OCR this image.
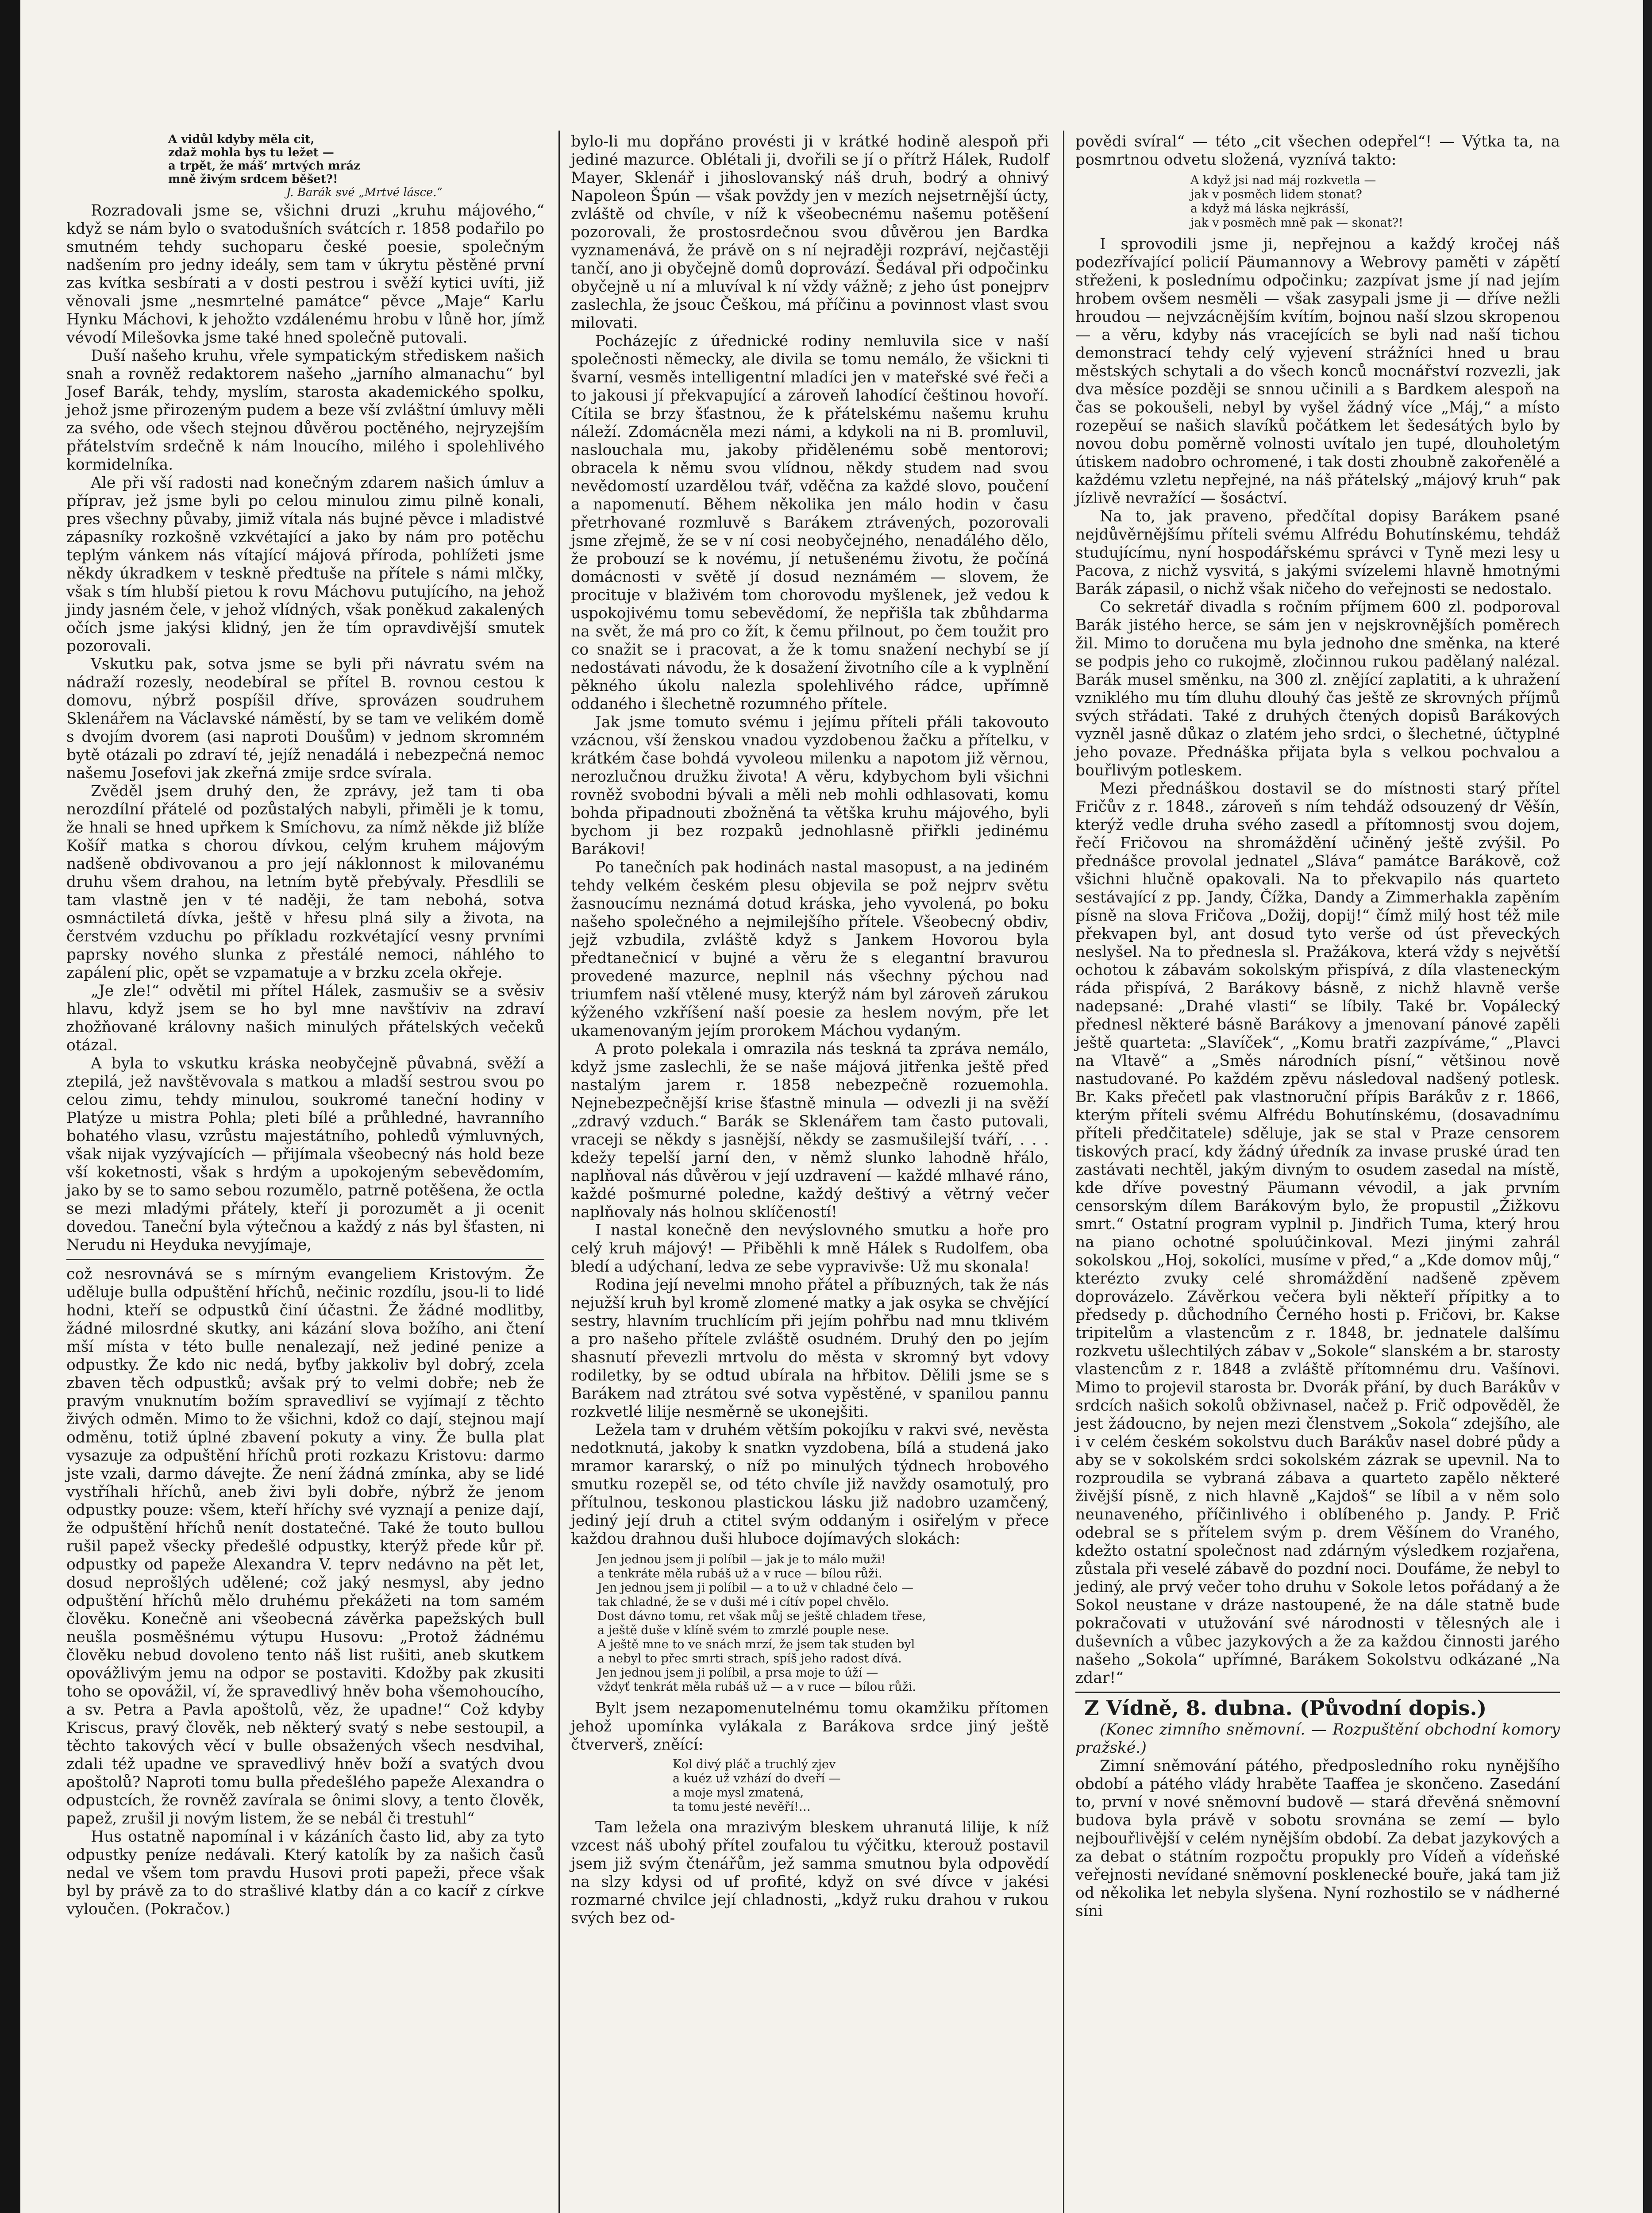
A vidůl kdyby měla cit,
zdaž mohla bys tu ležet —
a trpět, že máš’ mrtvých mráz
mně živým srdcem běšet?!
J. Barák své „Mrtvé lásce.“

Rozradovali jsme se, všichni druzi „kruhu májového,“ když se nám bylo o svatodušních svátcích r. 1858 podařilo po smutném tehdy suchoparu české poesie, společným nadšením pro jedny ideály, sem tam v úkrytu pěstěné první zas kvítka sesbírati a v dosti pestrou i svěží kytici uvíti, již věnovali jsme „nesmrtelné památce“ pěvce „Maje“ Karlu Hynku Máchovi, k jehožto vzdálenému hrobu v lůně hor, jímž vévodí Milešovka jsme také hned společně putovali.

Duší našeho kruhu, vřele sympatickým střediskem našich snah a rovněž redaktorem našeho „jarního almanachu“ byl Josef Barák, tehdy, myslím, starosta akademického spolku, jehož jsme přirozeným pudem a beze vší zvláštní úmluvy měli za svého, ode všech stejnou důvěrou poctěného, nejryzejším přátelstvím srdečně k nám lnoucího, milého i spolehlivého kormidelníka.

Ale při vší radosti nad konečným zdarem našich úmluv a příprav, jež jsme byli po celou minulou zimu pilně konali, pres všechny půvaby, jimiž vítala nás bujné pěvce i mladistvé zápasníky rozkošně vzkvétající a jako by nám pro potěchu teplým vánkem nás vítající májová příroda, pohlížeti jsme někdy úkradkem v teskně předtuše na přítele s námi mlčky, však s tím hlubší pietou k rovu Máchovu putujícího, na jehož jindy jasném čele, v jehož vlídných, však poněkud zakalených očích jsme jakýsi klidný, jen že tím opravdivější smutek pozorovali.

Vskutku pak, sotva jsme se byli při návratu svém na nádraží rozesly, neodebíral se přítel B. rovnou cestou k domovu, nýbrž pospíšil dříve, sprovázen soudruhem Sklenářem na Václavské náměstí, by se tam ve velikém domě s dvojím dvorem (asi naproti Doušům) v jednom skromném bytě otázali po zdraví té, jejíž nenadálá i nebezpečná nemoc našemu Josefovi jak zkeřná zmije srdce svírala.

Zvěděl jsem druhý den, že zprávy, jež tam ti oba nerozdílní přátelé od pozůstalých nabyli, přiměli je k tomu, že hnali se hned upřkem k Smíchovu, za nímž někde již blíže Košíř matka s chorou dívkou, celým kruhem májovým nadšeně obdivovanou a pro její náklonnost k milovanému druhu všem drahou, na letním bytě přebývaly. Přesdlili se tam vlastně jen v té naději, že tam nebohá, sotva osmnáctiletá dívka, ještě v hřesu plná sily a života, na čerstvém vzduchu po příkladu rozkvétající vesny prvními paprsky nového slunka z přestálé nemoci, náhlého to zapálení plic, opět se vzpamatuje a v brzku zcela okřeje.

„Je zle!“ odvětil mi přítel Hálek, zasmušiv se a svěsiv hlavu, když jsem se ho byl mne navštíviv na zdraví zhožňované královny našich minulých přátelských večeků otázal.

A byla to vskutku kráska neobyčejně půvabná, svěží a ztepilá, jež navštěvovala s matkou a mladší sestrou svou po celou zimu, tehdy minulou, soukromé taneční hodiny v Platýze u mistra Pohla; pleti bílé a průhledné, havranního bohatého vlasu, vzrůstu majestátního, pohledů výmluvných, však nijak vyzývajících — přijímala všeobecný nás hold beze vší koketnosti, však s hrdým a upokojeným sebevědomím, jako by se to samo sebou rozumělo, patrně potěšena, že octla se mezi mladými přátely, kteří ji porozumět a ji ocenit dovedou. Taneční byla výtečnou a každý z nás byl šťasten, ni Nerudu ni Heyduka nevyjímaje,

což nesrovnává se s mírným evangeliem Kristovým. Že uděluje bulla odpuštění hříchů, nečinic rozdílu, jsou-li to lidé hodni, kteří se odpustků činí účastni. Že žádné modlitby, žádné milosrdné skutky, ani kázání slova božího, ani čtení mší místa v této bulle nenalezají, než jediné penize a odpustky. Že kdo nic nedá, byťby jakkoliv byl dobrý, zcela zbaven těch odpustků; avšak prý to velmi dobře; neb že pravým vnuknutím božím spravedliví se vyjímají z těchto živých odměn. Mimo to že všichni, kdož co dají, stejnou mají odměnu, totiž úplné zbavení pokuty a viny. Že bulla plat vysazuje za odpuštění hříchů proti rozkazu Kristovu: darmo jste vzali, darmo dávejte. Že není žádná zmínka, aby se lidé vystříhali hříchů, aneb živi byli dobře, nýbrž že jenom odpustky pouze: všem, kteří hříchy své vyznají a penize dají, že odpuštění hříchů nenít dostatečné. Také že touto bullou rušil papež všecky předešlé odpustky, kterýž přede kůr př. odpustky od papeže Alexandra V. teprv nedávno na pět let, dosud neprošlých udělené; což jaký nesmysl, aby jedno odpuštění hříchů mělo druhému překážeti na tom samém člověku. Konečně ani všeobecná závěrka papežských bull neušla posměšnému výtupu Husovu: „Protož žádnému člověku nebud dovoleno tento náš list rušiti, aneb skutkem opovážlivým jemu na odpor se postaviti. Kdožby pak zkusiti toho se opovážil, ví, že spravedlivý hněv boha všemohoucího, a sv. Petra a Pavla apoštolů, věz, že upadne!“ Což kdyby Kriscus, pravý člověk, neb některý svatý s nebe sestoupil, a těchto takových věcí v bulle obsažených všech nesdvihal, zdali též upadne ve spravedlivý hněv boží a svatých dvou apoštolů? Naproti tomu bulla předešlého papeže Alexandra o odpustcích, že rovněž zavírala se ônimi slovy, a tento člověk, papež, zrušil ji novým listem, že se nebál či trestuhl“

Hus ostatně napomínal i v kázáních často lid, aby za tyto odpustky peníze nedávali. Který katolík by za našich časů nedal ve všem tom pravdu Husovi proti papeži, přece však byl by právě za to do strašlivé klatby dán a co kacíř z církve vyloučen. (Pokračov.)

bylo-li mu dopřáno provésti ji v krátké hodině alespoň při jediné mazurce. Oblétali ji, dvořili se jí o přítrž Hálek, Rudolf Mayer, Sklenář i jihoslovanský náš druh, bodrý a ohnivý Napoleon Špún — však povždy jen v mezích nejsetrnější úcty, zvláště od chvíle, v níž k všeobecnému našemu potěšení pozorovali, že prostosrdečnou svou důvěrou jen Bardka vyznamenává, že právě on s ní nejraději rozpráví, nejčastěji tančí, ano ji obyčejně domů doprovází. Šedával při odpočinku obyčejně u ní a mluvíval k ní vždy vážně; z jeho úst ponejprv zaslechla, že jsouc Češkou, má příčinu a povinnost vlast svou milovati.

Pocházejíc z úřednické rodiny nemluvila sice v naší společnosti německy, ale divila se tomu nemálo, že všickni ti švarní, vesměs intelligentní mladíci jen v mateřské své řeči a to jakousi jí překvapující a zároveň lahodící češtinou hovoří. Cítila se brzy šťastnou, že k přátelskému našemu kruhu náleží. Zdomácněla mezi námi, a kdykoli na ni B. promluvil, naslouchala mu, jakoby přidělenému sobě mentorovi; obracela k němu svou vlídnou, někdy studem nad svou nevědomostí uzardělou tvář, vděčna za každé slovo, poučení a napomenutí. Během několika jen málo hodin v času přetrhované rozmluvě s Barákem ztrávených, pozorovali jsme zřejmě, že se v ní cosi neobyčejného, nenadálého dělo, že probouzí se k novému, jí netušenému životu, že počíná domácnosti v světě jí dosud neznámém — slovem, že procitujе v blaživém tom chorovodu myšlenek, jež vedou k uspokojivému tomu sebevědomí, že nepřišla tak zbůhdarma na svět, že má pro co žít, k čemu přilnout, po čem toužit pro co snažit se i pracovat, a že k tomu snažení nechybí se jí nedostávati návodu, že k dosažení životního cíle a k vyplnění pěkného úkolu nalezla spolehlivého rádce, upřímně oddaného i šlechetně rozumného přítele.

Jak jsme tomuto svému i jejímu příteli přáli takovouto vzácnou, vší ženskou vnadou vyzdobenou žačku a přítelku, v krátkém čase bohdá vyvoleou milenku a napotom již věrnou, nerozlučnou družku života! A věru, kdybychom byli všichni rovněž svobodni bývali a měli neb mohli odhlasovati, komu bohda připadnouti zbožněná ta větška kruhu májového, byli bychom ji bez rozpaků jednohlasně přiřkli jedinému Barákovi!

Po tanečních pak hodinách nastal masopust, a na jediném tehdy velkém českém plesu objevila se pož nejprv světu žasnoucímu neznámá dotud kráska, jeho vyvolená, po boku našeho společného a nejmilejšího přítele. Všeobecný obdiv, jejž vzbudila, zvláště když s Jankem Hovorou byla předtanečnicí v bujné a věru že s elegantní bravurou provedené mazurce, neplnil nás všechny pýchou nad triumfem naší vtělené musy, kterýž nám byl zároveň zárukou kýženého vzkříšení naší poesie za heslem novým, pře let ukamenovaným jejím prorokem Máchou vydaným.

A proto polekala i omrazila nás teskná ta zpráva nemálo, když jsme zaslechli, že se naše májová jitřenka ještě před nastalým jarem r. 1858 nebezpečně rozuemohla. Nejnebezpečnější krise šťastně minula — odvezli ji na svěží „zdravý vzduch.“ Barák se Sklenářem tam často putovali, vraceji se někdy s jasnější, někdy se zasmušilejší tváří, . . . kdežy tepelší jarní den, v němž slunko lahodně hřálo, naplňoval nás důvěrou v její uzdravení — každé mlhavé ráno, každé pošmurné poledne, každý deštivý a větrný večer naplňovaly nás holnou sklíčeností!

I nastal konečně den nevýslovného smutku a hoře pro celý kruh májový! — Přiběhli k mně Hálek s Rudolfem, oba bledí a udýchaní, ledva ze sebe vypravivše: Už mu skonala!

Rodina její nevelmi mnoho přátel a příbuzných, tak že nás nejužší kruh byl kromě zlomené matky a jak osyka se chvějící sestry, hlavním truchlícím při jejím pohřbu nad mnu tklivém a pro našeho přítele zvláště osudném. Druhý den po jejím shasnutí převezli mrtvolu do města v skromný byt vdovy rodiletky, by se odtud ubírala na hřbitov. Dělili jsme se s Barákem nad ztrátou své sotva vypěstěné, v spanilou pannu rozkvetlé lilije nesměrně se ukonejšiti.

Ležela tam v druhém větším pokojíku v rakvi své, nevěsta nedotknutá, jakoby k snatkn vyzdobena, bílá a studená jako mramor kararský, o níž po minulých týdnech hrobového smutku rozepěl se, od této chvíle již navždy osamotulý, pro přítulnou, teskonou plastickou lásku již nadobro uzamčený, jediný její druh a ctitel svým oddaným i osiřelým v přece každou drahnou duši hluboce dojímavých slokách:

Jen jednou jsem ji políbil — jak je to málo muži!
a tenkráte měla rubáš už a v ruce — bílou růži.
Jen jednou jsem ji políbil — a to už v chladné čelo —
tak chladné, že se v duši mé i cítív popel chvělo.
Dost dávno tomu, ret však můj se ještě chladem třese,
a ještě duše v klíně svém to zmrzlé pouple nese.
A ještě mne to ve snách mrzí, že jsem tak studen byl
a nebyl to přec smrti strach, spíš jeho radost dívá.
Jen jednou jsem ji políbil, a prsa moje to úží —
vždyť tenkrát měla rubáš už — a v ruce — bílou růži.

Bylt jsem nezapomenutelnému tomu okamžiku přítomen jehož upomínka vylákala z Barákova srdce jiný ještě čtververš, zněící:

Kol divý pláč a truchlý zjev
a kuéz už vzhází do dveří —
a moje mysl zmatená,
ta tomu jesté nevěří!…

Tam ležela ona mrazivým bleskem uhranutá lilije, k níž vzcest náš ubohý přítel zoufalou tu výčitku, kterouž postavil jsem již svým čtenářům, jež samma smutnou byla odpovědí na slzy kdysi od uf profité, když on své dívce v jakési rozmarné chvilce její chladnosti, „když ruku drahou v rukou svých bez od-

povědi svíral“ — této „cit všechen odepřel“! — Výtka ta, na posmrtnou odvetu složená, vyznívá takto:

A když jsi nad máj rozkvetla —
jak v posměch lidem stonat?
a když má láska nejkrásší,
jak v posměch mně pak — skonat?!

I sprovodili jsme ji, nepřejnou a každý kročej náš podezřívající policií Päumannovy a Webrovy paměti v zápětí střeženi, k poslednímu odpočinku; zazpívat jsme jí nad jejím hrobem ovšem nesměli — však zasypali jsme ji — dříve nežli hroudou — nejvzácnějším kvítím, bojnou naší slzou skropenou — a věru, kdyby nás vracejících se byli nad naší tichou demonstrací tehdy celý vyjevení strážníci hned u brau městských schytali a do všech konců mocnářství rozvezli, jak dva měsíce později se snnou učinili a s Bardkem alespoň na čas se pokoušeli, nebyl by vyšel žádný více „Máj,“ a místo rozepěuí se našich slavíků počátkem let šedesátých bylo by novou dobu poměrně volnosti uvítalo jen tupé, dlouholetým útiskem nadobro ochromené, i tak dosti zhoubně zakořenělé a každému vzletu nepřejné, na náš přátelský „májový kruh“ pak jízlivě nevražící — šosáctví.

Na to, jak praveno, předčítal dopisy Barákem psané nejdůvěrnějšímu příteli svému Alfrédu Bohutínskému, tehdáž studujícímu, nyní hospodářskému správci v Tyně mezi lesy u Pacova, z nichž vysvitá, s jakými svízelemi hlavně hmotnými Barák zápasil, o nichž však ničeho do veřejnosti se nedostalo.

Co sekretář divadla s ročním příjmem 600 zl. podporoval Barák jistého herce, se sám jen v nejskrovnějších poměrech žil. Mimo to doručena mu byla jednoho dne směnka, na které se podpis jeho co rukojmě, zločinnou rukou padělaný nalézal. Barák musel směnku, na 300 zl. znějící zaplatiti, a k uhražení vzniklého mu tím dluhu dlouhý čas ještě ze skrovných příjmů svých střádati. Také z druhých čtených dopisů Barákových vyzněl jasně důkaz o zlatém jeho srdci, o šlechetné, účtyplné jeho povaze. Přednáška přijata byla s velkou pochvalou a bouřlivým potleskem.

Mezi přednáškou dostavil se do místnosti starý přítel Fričův z r. 1848., zároveň s ním tehdáž odsouzený dr Věšín, kterýž vedle druha svého zasedl a přítomnostj svou dojem, řečí Fričovou na shromáždění učiněný ještě zvýšil. Po přednášce provolal jednatel „Sláva“ památce Barákově, což všichni hlučně opakovali. Na to překvapilo nás quarteto sestávající z pp. Jandy, Čížka, Dandy a Zimmerhakla zapěním písně na slova Fričova „Dožij, dopij!“ čímž milý host též mile překvapen byl, ant dosud tyto verše od úst převeckých neslyšel. Na to přednesla sl. Pražákova, která vždy s největší ochotou k zábavám sokolským přispívá, z díla vlasteneckým ráda přispívá, 2 Barákovy básně, z nichž hlavně verše nadepsané: „Drahé vlasti“ se líbily. Také br. Vopálecký přednesl některé básně Barákovy a jmenovaní pánové zapěli ještě quarteta: „Slavíček“, „Komu bratři zazpíváme,“ „Plavci na Vltavě“ a „Směs národních písní,“ většinou nově nastudované. Po každém zpěvu následoval nadšený potlesk. Br. Kaks přečetl pak vlastnoruční přípis Barákův z r. 1866, kterým příteli svému Alfrédu Bohutínskému, (dosavadnímu příteli předčitatele) sděluje, jak se stal v Praze censorem tiskových prací, kdy žádný úředník za invase pruské úrad ten zastávati nechtěl, jakým divným to osudem zasedal na místě, kde dříve povestný Päumann vévodil, a jak prvním censorským dílem Barákovým bylo, že propustil „Žižkovu smrt.“ Ostatní program vyplnil p. Jindřich Tuma, který hrou na piano ochotné spoluúčinkoval. Mezi jinými zahrál sokolskou „Hoj, sokolíci, musíme v před,“ a „Kde domov můj,“ kterézto zvuky celé shromáždění nadšeně zpěvem doprovázelo. Závěrkou večera byli někteří přípitky a to předsedy p. důchodního Černého hosti p. Fričovi, br. Kakse tripitelům a vlastencům z r. 1848, br. jednatele dalšímu rozkvetu ušlechtilých zábav v „Sokole“ slanském a br. starosty vlastencům z r. 1848 a zvláště přítomnému dru. Vašínovi. Mimo to projevil starosta br. Dvorák přání, by duch Barákův v srdcích našich sokolů obživnasel, načež p. Frič odpověděl, že jest žádoucno, by nejen mezi členstvem „Sokola“ zdejšího, ale i v celém českém sokolstvu duch Barákův nasel dobré půdy a aby se v sokolském srdci sokolském zázrak se upevnil. Na to rozproudila se vybraná zábava a quarteto zapělo některé živější písně, z nich hlavně „Kajdoš“ se líbil a v něm solo neunaveného, příčinlivého i oblíbeného p. Jandy. P. Frič odebral se s přítelem svým p. drem Věšínem do Vraného, kdežto ostatní společnost nad zdárným výsledkem rozjařena, zůstala při veselé zábavě do pozdní noci. Doufáme, že nebyl to jediný, ale prvý večer toho druhu v Sokole letos pořádaný a že Sokol neustane v dráze nastoupené, že na dále statně bude pokračovati v utužování své národnosti v tělesných ale i duševních a vůbec jazykových a že za každou činnosti jarého našeho „Sokola“ upřímné, Barákem Sokolstvu odkázané „Na zdar!“

Z Vídně, 8. dubna. (Původní dopis.)

(Konec zimního sněmovní. — Rozpuštění obchodní komory pražské.)

Zimní sněmování pátého, předposledního roku nynějšího období a pátého vlády hraběte Taaffea je skončeno. Zasedání to, první v nové sněmovní budově — stará dřevěná sněmovní budova byla právě v sobotu srovnána se zemí — bylo nejbouřlivější v celém nynějším období. Za debat jazykových a za debat o státním rozpočtu propukly pro Vídeň a vídeňské veřejnosti nevídané sněmovní posklenecké bouře, jaká tam již od několika let nebyla slyšena. Nyní rozhostilo se v nádherné síni
